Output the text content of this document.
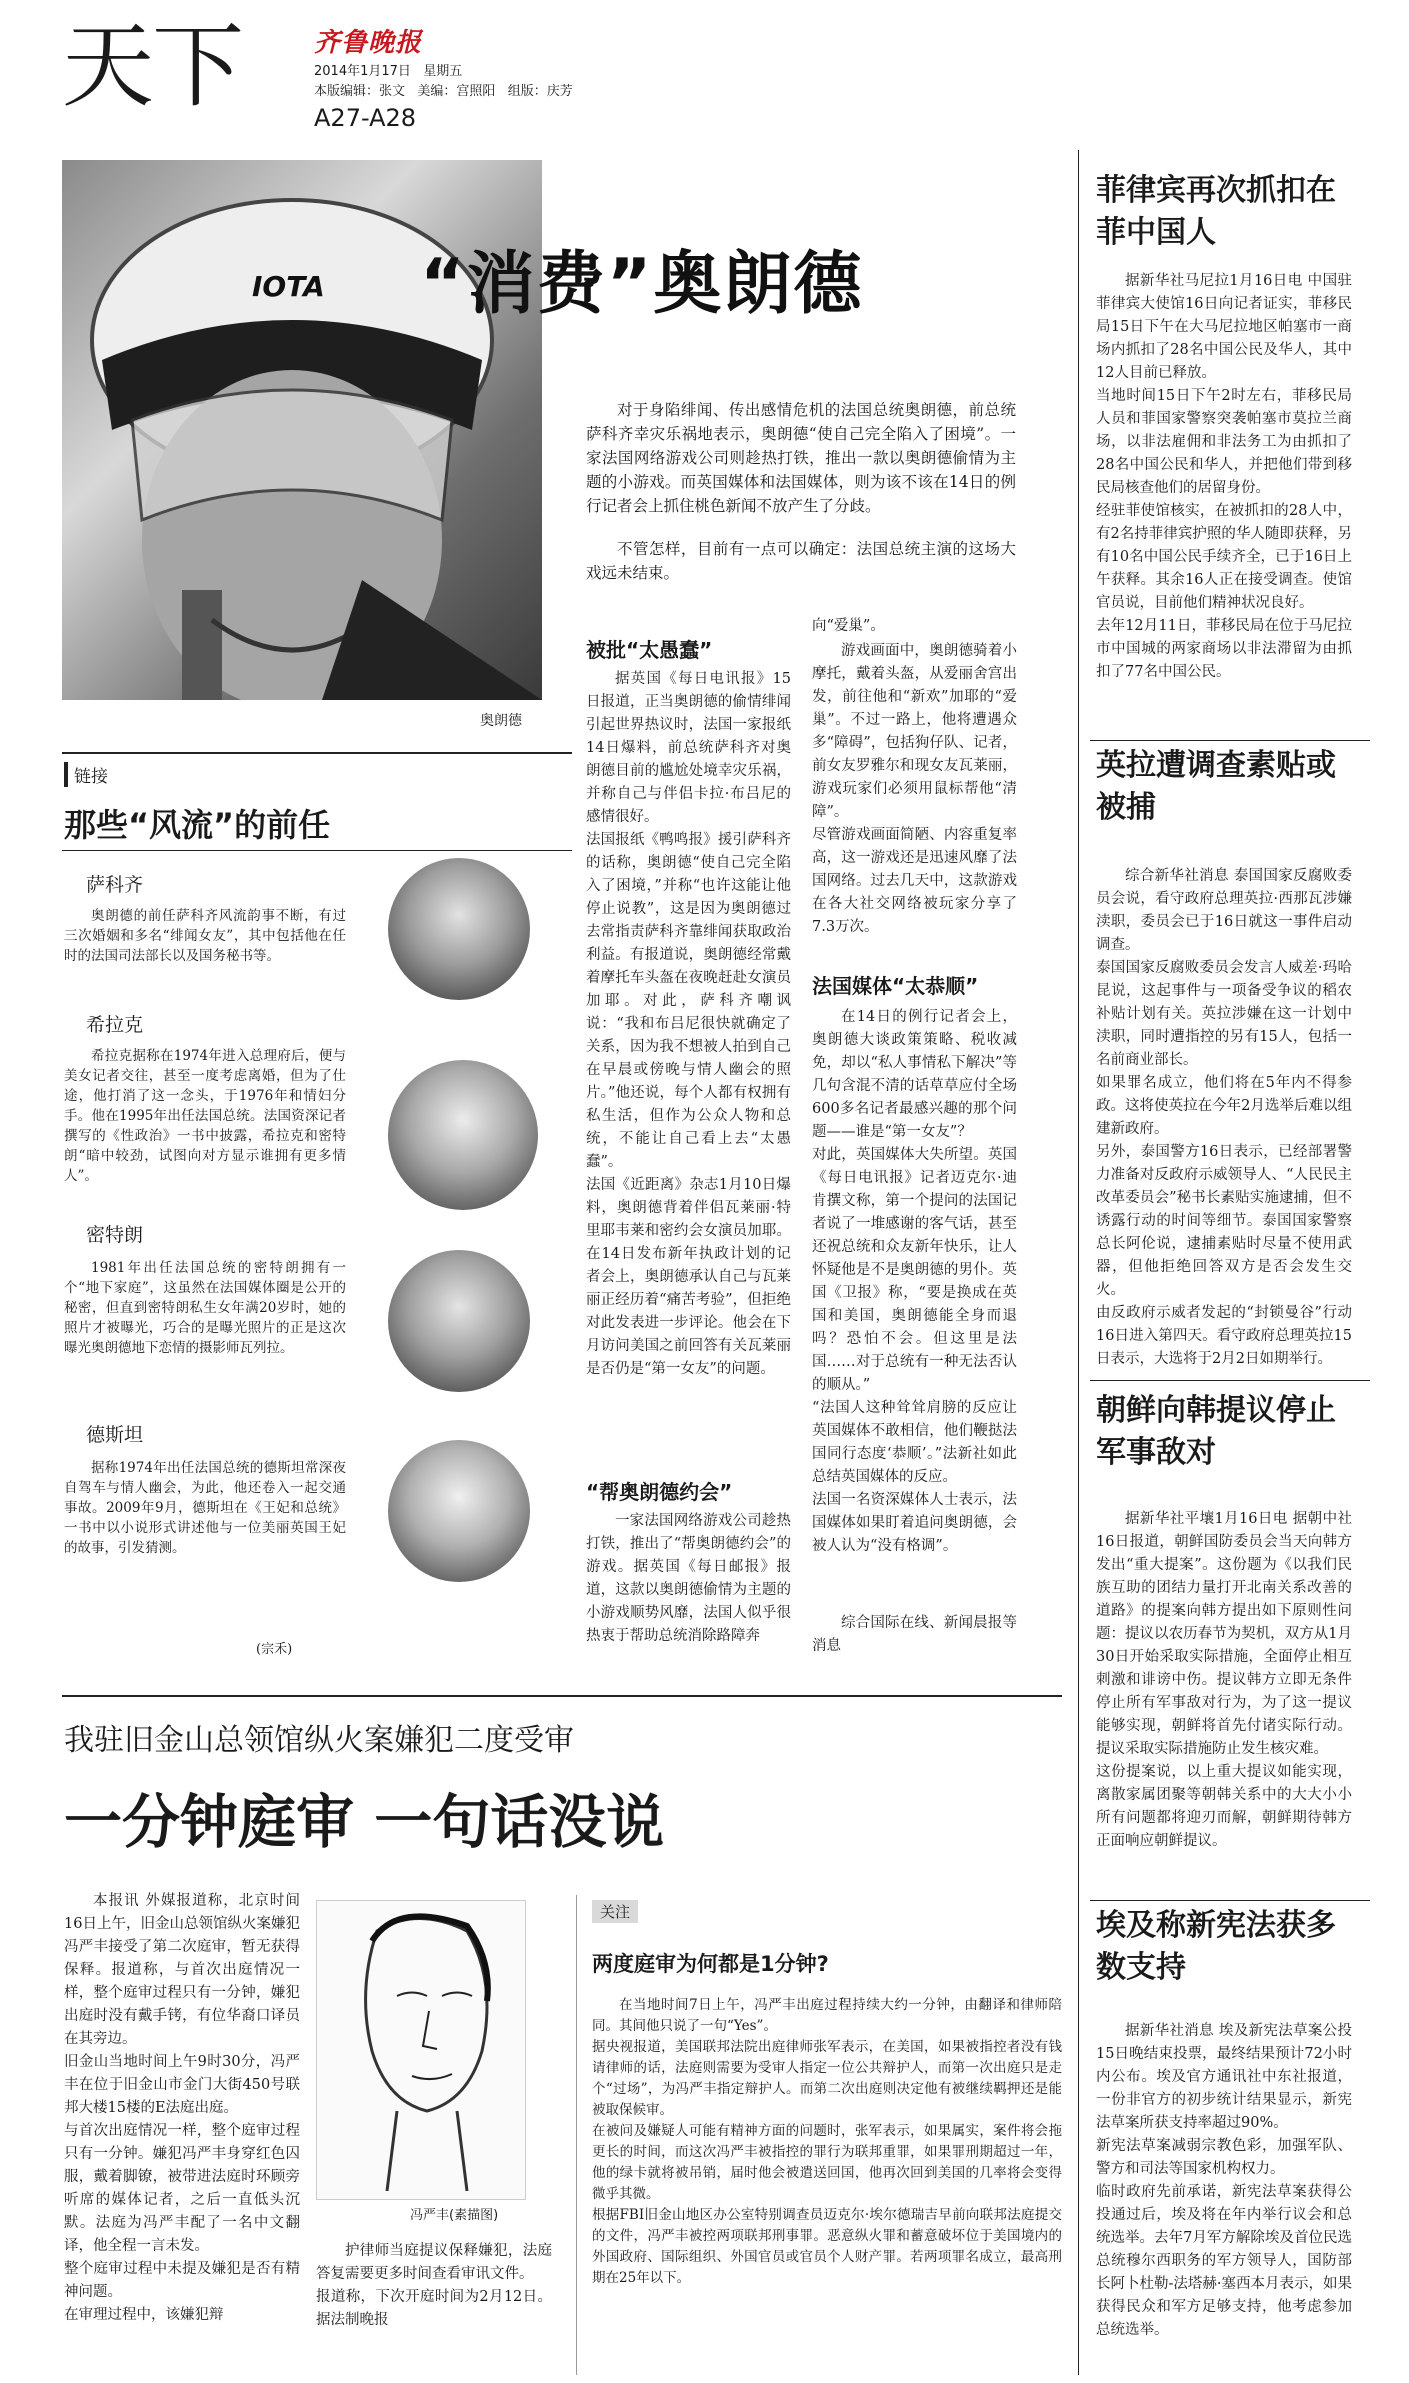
天下	齐鲁晚报
2014年1月17日   星期五
本版编辑：张文   美编：宫照阳   组版：庆芳
A27-A28
IOTA
奥朗德
“消费”奥朗德
对于身陷绯闻、传出感情危机的法国总统奥朗德，前总统萨科齐幸灾乐祸地表示，奥朗德“使自己完全陷入了困境”。一家法国网络游戏公司则趁热打铁，推出一款以奥朗德偷情为主题的小游戏。而英国媒体和法国媒体，则为该不该在14日的例行记者会上抓住桃色新闻不放产生了分歧。
不管怎样，目前有一点可以确定：法国总统主演的这场大戏远未结束。
被批“太愚蠢”
据英国《每日电讯报》15日报道，正当奥朗德的偷情绯闻引起世界热议时，法国一家报纸14日爆料，前总统萨科齐对奥朗德目前的尴尬处境幸灾乐祸，并称自己与伴侣卡拉·布吕尼的感情很好。
法国报纸《鸭鸣报》援引萨科齐的话称，奥朗德“使自己完全陷入了困境，”并称“也许这能让他停止说教”，这是因为奥朗德过去常指责萨科齐靠绯闻获取政治利益。有报道说，奥朗德经常戴着摩托车头盔在夜晚赶赴女演员加耶。对此，萨科齐嘲讽说：“我和布吕尼很快就确定了关系，因为我不想被人拍到自己在早晨或傍晚与情人幽会的照片。”他还说，每个人都有权拥有私生活，但作为公众人物和总统，不能让自己看上去“太愚蠢”。
法国《近距离》杂志1月10日爆料，奥朗德背着伴侣瓦莱丽·特里耶韦莱和密约会女演员加耶。在14日发布新年执政计划的记者会上，奥朗德承认自己与瓦莱丽正经历着“痛苦考验”，但拒绝对此发表进一步评论。他会在下月访问美国之前回答有关瓦莱丽是否仍是“第一女友”的问题。
“帮奥朗德约会”
一家法国网络游戏公司趁热打铁，推出了“帮奥朗德约会”的游戏。据英国《每日邮报》报道，这款以奥朗德偷情为主题的小游戏顺势风靡，法国人似乎很热衷于帮助总统消除路障奔
向“爱巢”。
游戏画面中，奥朗德骑着小摩托，戴着头盔，从爱丽舍宫出发，前往他和“新欢”加耶的“爱巢”。不过一路上，他将遭遇众多“障碍”，包括狗仔队、记者，前女友罗雅尔和现女友瓦莱丽，游戏玩家们必须用鼠标帮他“清障”。
尽管游戏画面简陋、内容重复率高，这一游戏还是迅速风靡了法国网络。过去几天中，这款游戏在各大社交网络被玩家分享了7.3万次。
法国媒体“太恭顺”
在14日的例行记者会上，奥朗德大谈政策策略、税收减免，却以“私人事情私下解决”等几句含混不清的话草草应付全场600多名记者最感兴趣的那个问题——谁是“第一女友”？
对此，英国媒体大失所望。英国《每日电讯报》记者迈克尔·迪肯撰文称，第一个提问的法国记者说了一堆感谢的客气话，甚至还祝总统和众友新年快乐，让人怀疑他是不是奥朗德的男仆。英国《卫报》称，“要是换成在英国和美国，奥朗德能全身而退吗？恐怕不会。但这里是法国……对于总统有一种无法否认的顺从。”
“法国人这种耸耸肩膀的反应让英国媒体不敢相信，他们鞭挞法国同行态度‘恭顺’。”法新社如此总结英国媒体的反应。
法国一名资深媒体人士表示，法国媒体如果盯着追问奥朗德，会被人认为“没有格调”。
综合国际在线、新闻晨报等消息
链接
那些“风流”的前任
萨科齐
奥朗德的前任萨科齐风流韵事不断，有过三次婚姻和多名“绯闻女友”，其中包括他在任时的法国司法部长以及国务秘书等。
希拉克
希拉克据称在1974年进入总理府后，便与美女记者交往，甚至一度考虑离婚，但为了仕途，他打消了这一念头，于1976年和情妇分手。他在1995年出任法国总统。法国资深记者撰写的《性政治》一书中披露，希拉克和密特朗“暗中较劲，试图向对方显示谁拥有更多情人”。
密特朗
1981年出任法国总统的密特朗拥有一个“地下家庭”，这虽然在法国媒体圈是公开的秘密，但直到密特朗私生女年满20岁时，她的照片才被曝光，巧合的是曝光照片的正是这次曝光奥朗德地下恋情的摄影师瓦列拉。
德斯坦
据称1974年出任法国总统的德斯坦常深夜自驾车与情人幽会，为此，他还卷入一起交通事故。2009年9月，德斯坦在《王妃和总统》一书中以小说形式讲述他与一位美丽英国王妃的故事，引发猜测。
(宗禾)
我驻旧金山总领馆纵火案嫌犯二度受审
一分钟庭审 一句话没说
本报讯 外媒报道称，北京时间16日上午，旧金山总领馆纵火案嫌犯冯严丰接受了第二次庭审，暂无获得保释。报道称，与首次出庭情况一样，整个庭审过程只有一分钟，嫌犯出庭时没有戴手铐，有位华裔口译员在其旁边。
旧金山当地时间上午9时30分，冯严丰在位于旧金山市金门大街450号联邦大楼15楼的E法庭出庭。
与首次出庭情况一样，整个庭审过程只有一分钟。嫌犯冯严丰身穿红色囚服，戴着脚镣，被带进法庭时环顾旁听席的媒体记者，之后一直低头沉默。法庭为冯严丰配了一名中文翻译，他全程一言未发。
整个庭审过程中未提及嫌犯是否有精神问题。
在审理过程中，该嫌犯辩
冯严丰(素描图)
护律师当庭提议保释嫌犯，法庭答复需要更多时间查看审讯文件。
报道称，下次开庭时间为2月12日。 据法制晚报
关注
两度庭审为何都是1分钟?
在当地时间7日上午，冯严丰出庭过程持续大约一分钟，由翻译和律师陪同。其间他只说了一句“Yes”。
据央视报道，美国联邦法院出庭律师张军表示，在美国，如果被指控者没有钱请律师的话，法庭则需要为受审人指定一位公共辩护人，而第一次出庭只是走个“过场”，为冯严丰指定辩护人。而第二次出庭则决定他有被继续羁押还是能被取保候审。
在被问及嫌疑人可能有精神方面的问题时，张军表示，如果属实，案件将会拖更长的时间，而这次冯严丰被指控的罪行为联邦重罪，如果罪刑期超过一年，他的绿卡就将被吊销，届时他会被遣送回国，他再次回到美国的几率将会变得微乎其微。
根据FBI旧金山地区办公室特别调查员迈克尔·埃尔德瑞吉早前向联邦法庭提交的文件，冯严丰被控两项联邦刑事罪。恶意纵火罪和蓄意破坏位于美国境内的外国政府、国际组织、外国官员或官员个人财产罪。若两项罪名成立，最高刑期在25年以下。
菲律宾再次抓扣在菲中国人
据新华社马尼拉1月16日电 中国驻菲律宾大使馆16日向记者证实，菲移民局15日下午在大马尼拉地区帕塞市一商场内抓扣了28名中国公民及华人，其中12人目前已释放。
当地时间15日下午2时左右，菲移民局人员和菲国家警察突袭帕塞市莫拉兰商场，以非法雇佣和非法务工为由抓扣了28名中国公民和华人，并把他们带到移民局核查他们的居留身份。
经驻菲使馆核实，在被抓扣的28人中，有2名持菲律宾护照的华人随即获释，另有10名中国公民手续齐全，已于16日上午获释。其余16人正在接受调查。使馆官员说，目前他们精神状况良好。
去年12月11日，菲移民局在位于马尼拉市中国城的两家商场以非法滞留为由抓扣了77名中国公民。
英拉遭调查素贴或被捕
综合新华社消息 泰国国家反腐败委员会说，看守政府总理英拉·西那瓦涉嫌渎职，委员会已于16日就这一事件启动调查。
泰国国家反腐败委员会发言人威差·玛哈昆说，这起事件与一项备受争议的稻农补贴计划有关。英拉涉嫌在这一计划中渎职，同时遭指控的另有15人，包括一名前商业部长。
如果罪名成立，他们将在5年内不得参政。这将使英拉在今年2月选举后难以组建新政府。
另外，泰国警方16日表示，已经部署警力准备对反政府示威领导人、“人民民主改革委员会”秘书长素贴实施逮捕，但不诱露行动的时间等细节。泰国国家警察总长阿伦说，逮捕素贴时尽量不使用武器，但他拒绝回答双方是否会发生交火。
由反政府示威者发起的“封锁曼谷”行动16日进入第四天。看守政府总理英拉15日表示，大选将于2月2日如期举行。
朝鲜向韩提议停止军事敌对
据新华社平壤1月16日电 据朝中社16日报道，朝鲜国防委员会当天向韩方发出“重大提案”。这份题为《以我们民族互助的团结力量打开北南关系改善的道路》的提案向韩方提出如下原则性问题：提议以农历春节为契机，双方从1月30日开始采取实际措施，全面停止相互刺激和诽谤中伤。提议韩方立即无条件停止所有军事敌对行为，为了这一提议能够实现，朝鲜将首先付诸实际行动。提议采取实际措施防止发生核灾难。
这份提案说，以上重大提议如能实现，离散家属团聚等朝韩关系中的大大小小所有问题都将迎刃而解，朝鲜期待韩方正面响应朝鲜提议。
埃及称新宪法获多数支持
据新华社消息 埃及新宪法草案公投15日晚结束投票，最终结果预计72小时内公布。埃及官方通讯社中东社报道，一份非官方的初步统计结果显示，新宪法草案所获支持率超过90%。
新宪法草案减弱宗教色彩，加强军队、警方和司法等国家机构权力。
临时政府先前承诺，新宪法草案获得公投通过后，埃及将在年内举行议会和总统选举。去年7月军方解除埃及首位民选总统穆尔西职务的军方领导人，国防部长阿卜杜勒-法塔赫·塞西本月表示，如果获得民众和军方足够支持，他考虑参加总统选举。
